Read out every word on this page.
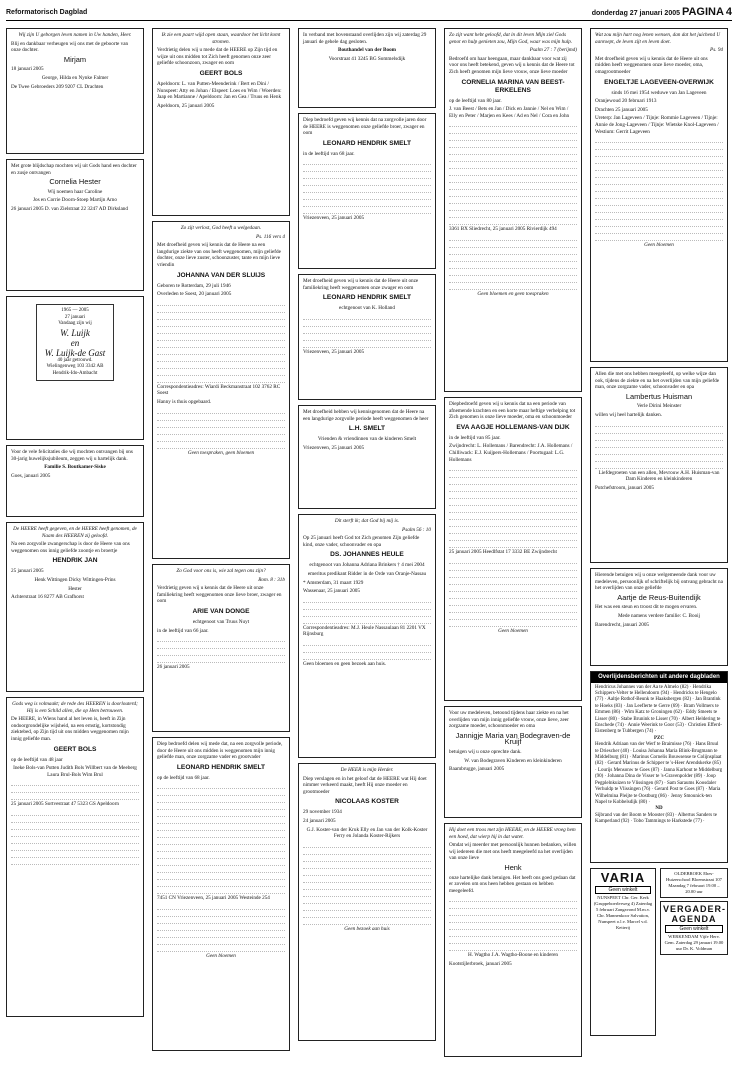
Reformatorisch Dagblad	donderdag 27 januari 2005 PAGINA 4

Wij zijn U geborgen leven namen in Uw handen, Heer.

Blij en dankbaar verheugen wij ons met de geboorte van onze dochter.

Mirjam

18 januari 2005

George, Hilda en Nynke Falmer

De Twee Gebroeders 209 9207 CL Drachten

Met grote blijdschap mochten wij uit Gods hand een dochter en zusje ontvangen

Cornelia Hester

Wij noemen haar Caroline

Jos en Corrie Doorn-Stoep Martijn Arno

26 januari 2005 D. van Zielstraat 22 3247 AD Dirksland

1965 — 2005
27 januari
Vandaag zijn wij
W. Luijk
en
W. Luijk-de Gast
40 jaar getrouwd.
Wielingenweg 103 3342 AB Hendrik-Ido-Ambacht

Voor de vele felicitaties die wij mochten ontvangen bij ons 30-jarig huwelijksjubileum, zeggen wij u hartelijk dank.

Familie S. Boutkamer-Siske

Goes, januari 2005

De HEERE heeft gegeven, en de HEERE heeft genomen, de Naam des HEEREN zij geloofd.

Na een zorgvolle zwangerschap is door de Heere van ons weggenomen ons innig geliefde zoontje en broertje

HENDRIK JAN

25 januari 2005

Henk Wittingen Dicky Wittingen-Prins

Hester

Achterstraat 16 8277 AB Grafhorst

Gods weg is volmaakt; de rede des HEEREN is doorlouterd; Hij is een Schild allen, die op Hem betrouwen.

De HEERE, in Wiens hand al het leven is, heeft in Zijn ondoorgrondelijke wijsheid, na een ernstig, kortstondig ziektebed, op Zijn tijd uit ons midden weggenomen mijn innig geliefde man.

GEERT BOLS

op de leeftijd van 48 jaar

Ineke Bols-van Putten Judith Bols Willbert van de Meeberg Laura Brul-Bols Wim Brul

25 januari 2005 Sortvestraat 47 5323 GS Apeldoorn

Ik zie een paart wijd open staan, waardoor het licht komt stromen.

Verdrietig delen wij u mede dat de HEERE op Zijn tijd en wijze uit ons midden tot Zich heeft genomen onze zeer geliefde schoonzoon, zwager en oom

GEERT BOLS

Apeldoorn: L. van Putten-Meenderink / Bert en Dini / Nunspeet: Atty en Johan / Elspeet: Loes en Wim / Woerden: Jaap en Martianne / Apeldoorn: Jan en Gea / Truus en Henk

Apeldoorn, 25 januari 2005

Zo zijt verlost, God heeft u welgedaan.

Ps. 116 vers 4

Met droefheid geven wij kennis dat de Heere na een langdurige ziekte van ons heeft weggenomen, mijn geliefde dochter, onze lieve zuster, schoonzuster, tante en mijn lieve vriendin

JOHANNA VAN DER SLUIJS

Geboren te Rotterdam, 29 juli 1946

Overleden te Soest, 20 januari 2005

Correspondentieadres: Wiardi Beckmanstraat 102 3762 RC Soest

Hanny is thuis opgebaard.

Geen toespraken, geen bloemen

Zo God voor ons is, wie zal tegen ons zijn?

Rom. 8 : 31b

Verdrietig geven wij u kennis dat de Heere uit onze familiekring heeft weggenomen onze lieve broer, zwager en oom

ARIE VAN DONGE

echtgenoot van Truus Nuyt

in de leeftijd van 66 jaar.

26 januari 2005

Diep bedroefd delen wij mede dat, na een zorgvolle periode, door de Heere uit ons midden is weggenomen mijn innig geliefde man, onze zorgzame vader en grootvader

LEONARD HENDRIK SMELT

op de leeftijd van 68 jaar.

7451 CN Vriezenveen, 25 januari 2005 Westeinde 254

Geen bloemen

In verband met bovenstaand overlijden zijn wij zaterdag 29 januari de gehele dag gesloten.

Bouthandel van der Boom

Voorstraat 41 3245 BG Sommelsdijk

Diep bedroefd geven wij kennis dat na zorgvolle jaren door de HEERE is weggenomen onze geliefde broer, zwager en oom

LEONARD HENDRIK SMELT

in de leeftijd van 68 jaar.

Vriezenveen, 25 januari 2005

Met droefheid geven wij u kennis dat de Heere uit onze familiekring heeft weggenomen onze zwager en oom

LEONARD HENDRIK SMELT

echtgenoot van K. Holland

Vriezenveen, 25 januari 2005

Met droefheid hebben wij kennisgenomen dat de Heere na een langdurige zorgvolle periode heeft weggenomen de heer

L.H. SMELT

Vrienden & vriendinnen van de kinderen Smelt

Vriezenveen, 25 januari 2005

Dit sterft ik; dat God bij mij is.

Psalm 56 : 10

Op 25 januari heeft God tot Zich genomen Zijn geliefde kind, onze vader, schoonvader en opa

DS. JOHANNES HEULE

echtgenoot van Johanna Adriana Brinkers † 4 mei 2004

emeritus predikant Ridder in de Orde van Oranje-Nassau

* Amsterdam, 31 maart 1929

Wassenaar, 25 januari 2005

Correspondentieadres: M.J. Heule Nassaulaan 81 2201 VX Rijnsburg

Geen bloemen en geen bezoek aan huis.

De HEER is mijn Herder.

Diep verslagen en in het geloof dat de HEERE wat Hij doet nimmer verkeerd maakt, heeft Hij onze moeder en grootmoeder

NICOLAAS KOSTER

29 november 1934

24 januari 2005

G.J. Koster-van der Kruk Elly en Jan van der Kolk-Koster Ferry en Jolanda Koster-Rijkers

Geen bezoek aan huis

Zo zijt want hebt geloofd, dat in dit leven Mijn ziel Gods genot en hulp genieten zou, Mijn God, waar was mijn hulp.

Psalm 27 : 7 (berijmd)

Bedroefd om haar heengaan, maar dankbaar voor wat zij voor ons heeft betekend, geven wij u kennis dat de Heere tot Zich heeft genomen mijn lieve vrouw, onze lieve moeder

CORNELIA MARINA VAN BEEST-ERKELENS

op de leeftijd van 80 jaar.

J. van Beest / Bets en Jan / Dick en Jannie / Nel en Wim / Elly en Peter / Marjen en Kees / Ad en Nel / Cora en John

3361 BX Sliedrecht, 25 januari 2005 Rivierdijk 494

Geen bloemen en geen toespraken

Diepbedroefd geven wij u kennis dat na een periode van afnemende krachten en een korte maar heftige verhelping tot Zich genomen is onze lieve moeder, oma en schoonmoeder

EVA AAGJE HOLLEMANS-VAN DIJK

in de leeftijd van 85 jaar.

Zwijndrecht: L. Hollemans / Barendrecht: J.A. Hollemans / Chilliwack: E.J. Kuijpers-Hollemans / Poortugaal: L.G. Hollemans

25 januari 2005 Heedlfstat 17 3332 BE Zwijndrecht

Geen bloemen

Voor uw medeleven, betoond tijdens haar ziekte en na het overlijden van mijn innig geliefde vrouw, onze lieve, zeer zorgzame moeder, schoonmoeder en oma

Jannigje Maria van Bodegraven-de Kruijf

betuigen wij u onze oprechte dank.

W. van Bodegraven Kinderen en kleinkinderen

Baambrugge, januari 2005

Hij doet een troos met zijn HEERE, en de HEERE vroeg hem een hoed, dat wierp hij in dat water.

Omdat wij meerder met persoonlijk hunnen bedanken, willen wij iedereen die met ons heeft meegeleefd na het overlijden van onze lieve

Henk

onze hartelijke dank betuigen. Het heeft ons goed gedaan dat er zovelen om ons heen hebben gestaan en hebben meegeleefd.

H. Wagtho J.A. Wagtho-Boone en kinderen

Kootstijlerbroek, januari 2005

Wat zou mijn hart nog lenen wensen, dan dat het juichend U aanroept, de leven zijt en leven doet.

Ps. 94

Met droefheid geven wij u kennis dat de Heere uit ons midden heeft weggenomen onze lieve moeder, oma, omagrootmoeder

ENGELTJE LAGEVEEN-OVERWIJK

sinds 16 mei 1954 weduwe van Jan Lageveen

Oranjewoud 20 februari 1913

Drachten 25 januari 2005

Ureterp: Jan Lageveen / Tijnje: Rommie Lageveen / Tijnje: Annie de Jong-Lageveen / Tijnje: Wietske Knol-Lageveen / Westium: Gerrit Lageveen

Geen bloemen

Allen die met ons hebben meegeleefd, op welke wijze dan ook, tijdens de ziekte en na het overlijden van mijn geliefde man, onze zorgzame vader, schoonvader en opa

Lambertus Huisman

Verle Dirini Meinster

willen wij heel hartelijk danken.

Liefdegroeten van een allen, Mevrouw A.H. Huisman-van Dam Kinderen en kleinkinderen

Putchefstroom, januari 2005

Hierende betuigen wij u onze welgemeende dank voor uw medeleven, persoonlijk of schriftelijk bij ontvang gebracht na het overlijden van onze geliefde

Aartje de Reus-Buitendijk

Het was een steun en troost dit te mogen ervaren.

Mede namens verdere familie: C. Booij

Barendrecht, januari 2005

Overlijdensberichten uit andere dagbladen
Hendricus Johannes van der Aa te Almelo (82) · Hendrika Schippers-Velter te Hellendoorn (94) · Hendricks te Hengelo (77) · Aaltje Rothof-Beunk te Haaksbergen (82) · Jan Brantink te Hoeks (83) · Jan Leeflerte te Gerre (69) · Bram Vollmers te Emmen (86) · Wim Katz te Groningen (62) · Eddy Smeets te Lisser (80) · Stabe Brunink te Lisser (70) · Albert Heldering te Enschede (74) · Annie Weerink te Goor (53) · Christien Efferd-Eistenberg te Tubbergen (74) ·
PZC
Hendrik Adriaan van der Werf te Braimisse (76) · Hans Bruul te Driescher (40) · Louisa Johanna Maria Blink-Brugmann te Middelburg (81) · Marinus Cornelis Bouwsense te Colijnsplaat (82) · Gerard Marinus de Schipper te 's-Heer Arendskerke (85) · Lourijs Mensonw te Goes (87) · Janna Karhout te Middelburg (90) · Johanna Dina de Visser te 's-Gravenpolder (89) · Joop Pegplelnkuizen te Vlissingen (87) · Sam Saraums Koosdaler Verhuldp te Vlissingen (76) · Gerard Post te Goes (87) · Maria Wilhelmina Pleijte te Oostburg (86) · Jenny Smounick-ten Napel te Kobbelsdijk (80) ·
ND
Sijbrand van der Boom te Mooster (83) · Albertus Sanders te Kamperland (92) · Tobo Tammings te Harkstede (77) ·
VARIA
Geen winkelt
NUNSPEET Chr. Ger. Kerk (Gruppeboerlerweg 4) Zaterdag 5 februari Zangavond M.m.v. Chr. Mannenkoor Salvation, Nunspeet o.l.v. Marcel v.d. Ketterij
OLDEBROEK Ehes-Huizerschool Bloemstraat 107 Maandag 7 februari 19.00 – 20.00 uur
VERGADER-AGENDA
Geen winkelt
WERKENDAM Vijfe Herv. Gem. Zaterdag 29 januari 19.00 uur Dr. K. Voldman
